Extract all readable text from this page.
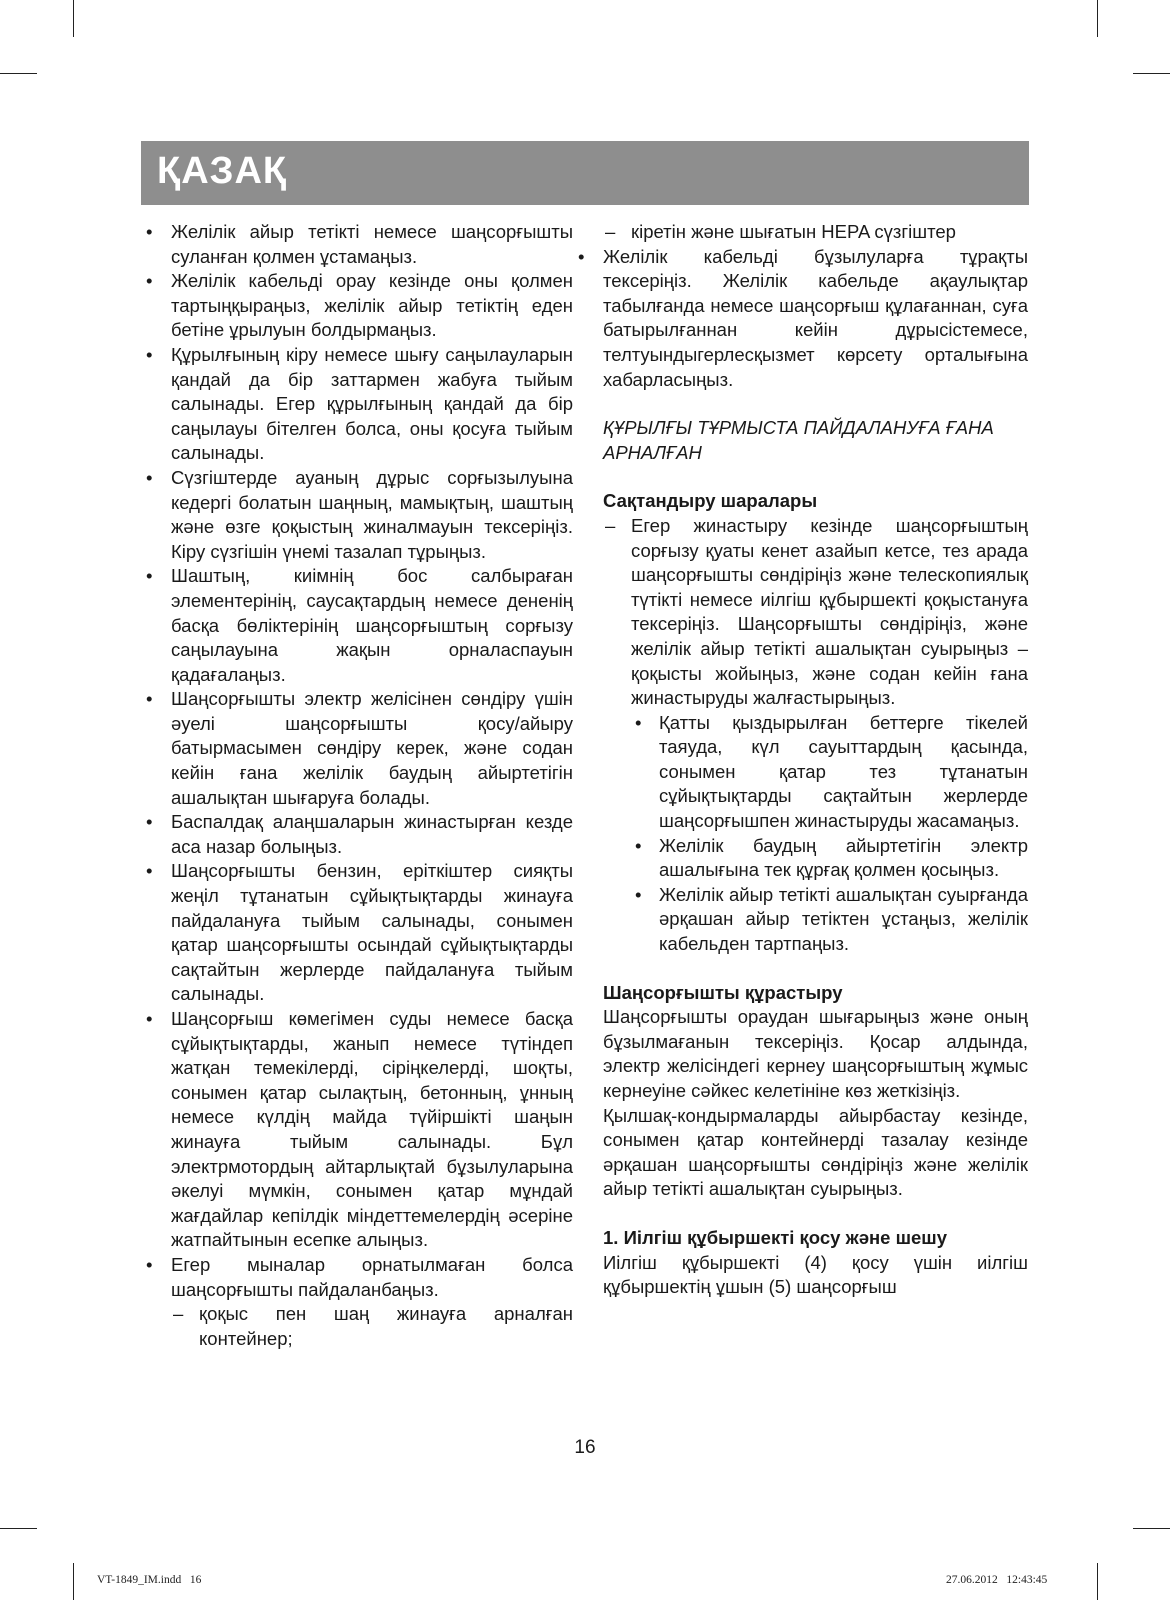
ҚАЗАҚ
• Желілік айыр тетікті немесе шаңсорғышты суланған қолмен ұстамаңыз.
• Желілік кабельді орау кезінде оны қолмен тартыңқыраңыз, желілік айыр тетіктің еден бетіне ұрылуын болдырмаңыз.
• Құрылғының кіру немесе шығу саңылауларын қандай да бір заттармен жабуға тыйым салынады. Егер құрылғының қандай да бір саңылауы бітелген болса, оны қосуға тыйым салынады.
• Сүзгіштерде ауаның дұрыс сорғызылуына кедергі болатын шаңның, мамықтың, шаштың және өзге қоқыстың жиналмауын тексеріңіз. Кіру сүзгішін үнемі тазалап тұрыңыз.
• Шаштың, киімнің бос салбыраған элементерінің, саусақтардың немесе дененің басқа бөліктерінің шаңсорғыштың сорғызу саңылауына жақын орналаспауын қадағалаңыз.
• Шаңсорғышты электр желісінен сөндіру үшін әуелі шаңсорғышты қосу/айыру батырмасымен сөндіру керек, және содан кейін ғана желілік баудың айыртетігін ашалықтан шығаруға болады.
• Баспалдақ алаңшаларын жинастырған кезде аса назар болыңыз.
• Шаңсорғышты бензин, еріткіштер сияқты жеңіл тұтанатын сұйықтықтарды жинауға пайдалануға тыйым салынады, сонымен қатар шаңсорғышты осындай сұйықтықтарды сақтайтын жерлерде пайдалануға тыйым салынады.
• Шаңсорғыш көмегімен суды немесе басқа сұйықтықтарды, жанып немесе түтіндеп жатқан темекілерді, сіріңкелерді, шоқты, сонымен қатар сылақтың, бетонның, ұнның немесе күлдің майда түйіршікті шаңын жинауға тыйым салынады. Бұл электрмотордың айтарлықтай бұзылуларына әкелуі мүмкін, сонымен қатар мұндай жағдайлар кепілдік міндеттемелердің әсеріне жатпайтынын есепке алыңыз.
• Егер мыналар орнатылмаған болса шаңсорғышты пайдаланбаңыз.
– қоқыс пен шаң жинауға арналған контейнер;
– кіретін және шығатын HEPA сүзгіштер
• Желілік кабельді бұзылуларға тұрақты тексеріңіз. Желілік кабельде ақаулықтар табылғанда немесе шаңсорғыш құлағаннан, суға батырылғаннан кейін дұрысістемесе, телтуындыгерлесқызмет көрсету орталығына хабарласыңыз.

ҚҰРЫЛҒЫ ТҰРМЫСТА ПАЙДАЛАНУҒА ҒАНА АРНАЛҒАН

Сақтандыру шаралары

– Егер жинастыру кезінде шаңсорғыштың сорғызу қуаты кенет азайып кетсе, тез арада шаңсорғышты сөндіріңіз және телескопиялық түтікті немесе иілгіш құбыршекті қоқыстануға тексеріңіз. Шаңсорғышты сөндіріңіз, және желілік айыр тетікті ашалықтан суырыңыз – қоқысты жойыңыз, және содан кейін ғана жинастыруды жалғастырыңыз.
• Қатты қыздырылған беттерге тікелей таяуда, күл сауыттардың қасында, сонымен қатар тез тұтанатын сұйықтықтарды сақтайтын жерлерде шаңсорғышпен жинастыруды жасамаңыз.
• Желілік баудың айыртетігін электр ашалығына тек құрғақ қолмен қосыңыз.
• Желілік айыр тетікті ашалықтан суырғанда әрқашан айыр тетіктен ұстаңыз, желілік кабельден тартпаңыз.

Шаңсорғышты құрастыру

Шаңсорғышты ораудан шығарыңыз және оның бұзылмағанын тексеріңіз. Қосар алдында, электр желісіндегі кернеу шаңсорғыштың жұмыс кернеуіне сәйкес келетініне көз жеткізіңіз.

Қылшақ-кондырмаларды айырбастау кезінде, сонымен қатар контейнерді тазалау кезінде әрқашан шаңсорғышты сөндіріңіз және желілік айыр тетікті ашалықтан суырыңыз.

1. Иілгіш құбыршекті қосу және шешу

Иілгіш құбыршекті (4) қосу үшін иілгіш құбыршектің ұшын (5) шаңсорғыш

16
VT-1849_IM.indd   16	27.06.2012   12:43:45
